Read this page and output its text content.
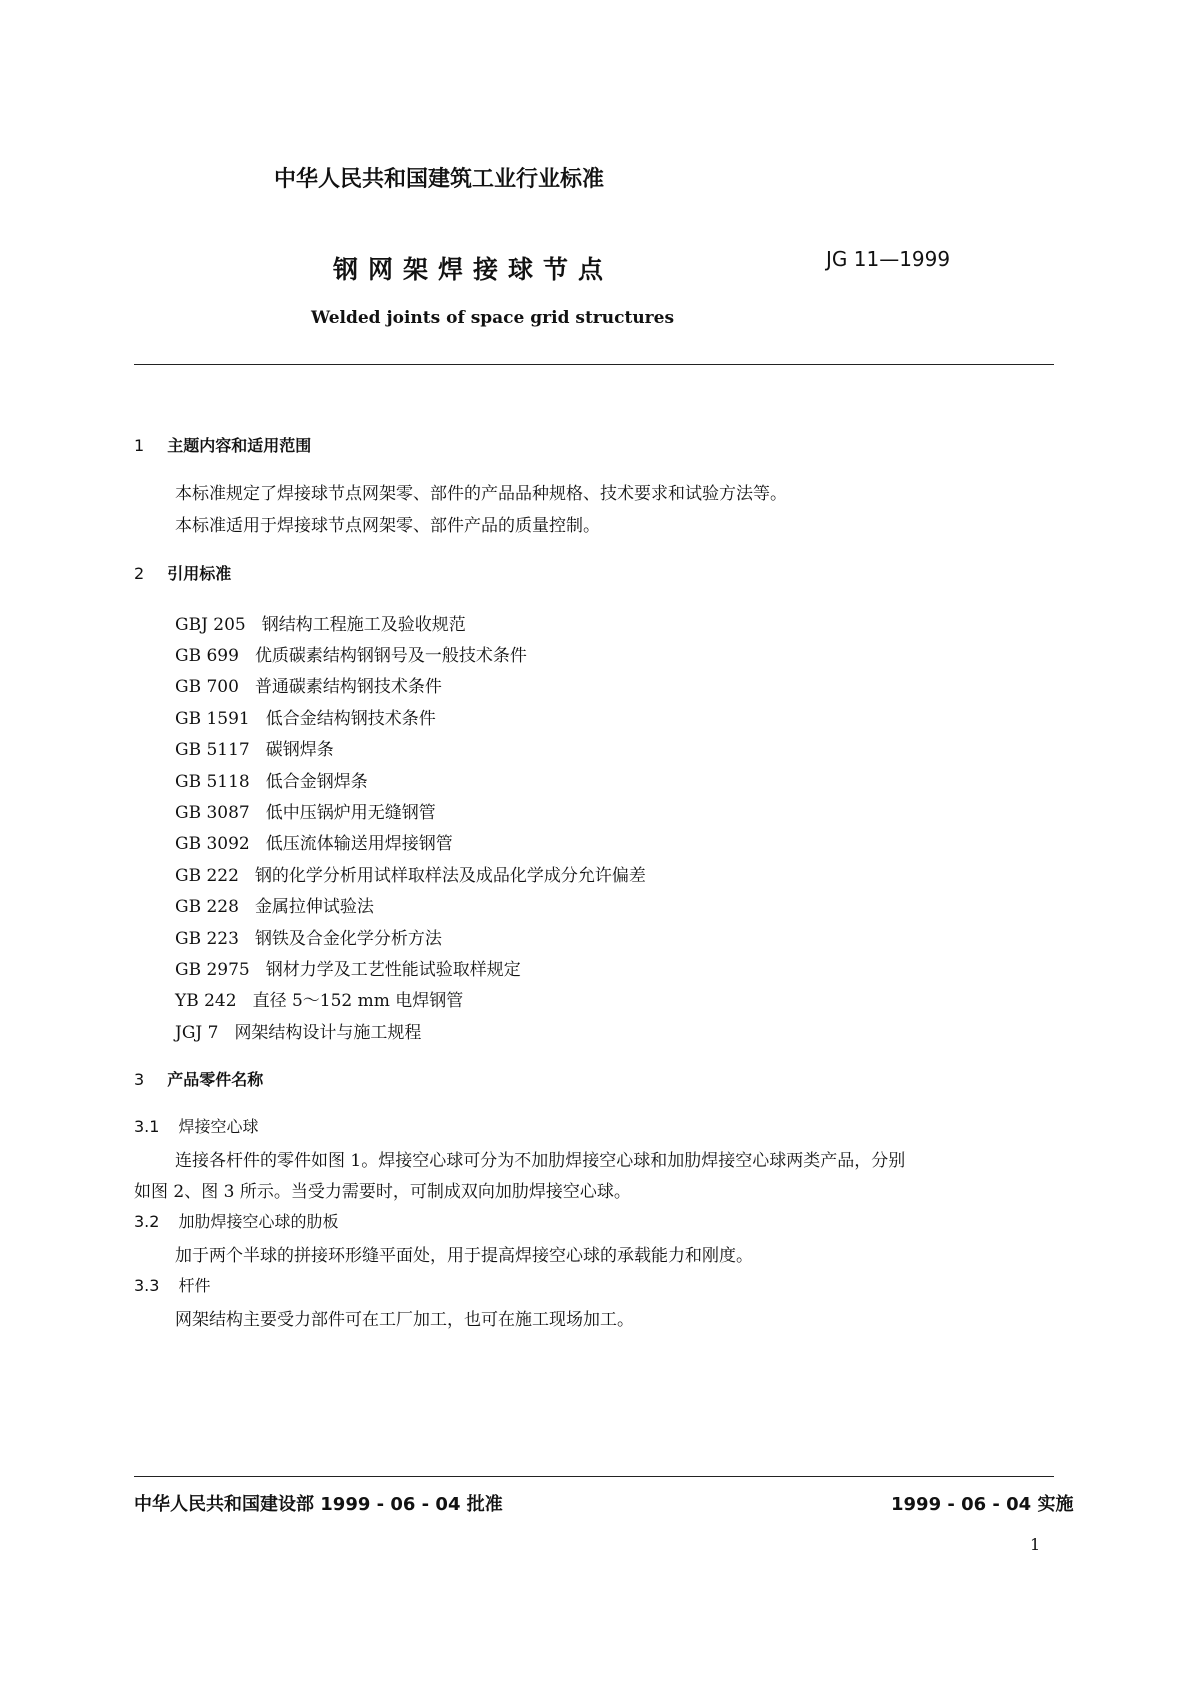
中华人民共和国建筑工业行业标准
钢网架焊接球节点	JG 11—1999
Welded joints of space grid structures
1 主题内容和适用范围
本标准规定了焊接球节点网架零、部件的产品品种规格、技术要求和试验方法等。
本标准适用于焊接球节点网架零、部件产品的质量控制。
2 引用标准
GBJ 205 钢结构工程施工及验收规范
GB 699 优质碳素结构钢钢号及一般技术条件
GB 700 普通碳素结构钢技术条件
GB 1591 低合金结构钢技术条件
GB 5117 碳钢焊条
GB 5118 低合金钢焊条
GB 3087 低中压锅炉用无缝钢管
GB 3092 低压流体输送用焊接钢管
GB 222 钢的化学分析用试样取样法及成品化学成分允许偏差
GB 228 金属拉伸试验法
GB 223 钢铁及合金化学分析方法
GB 2975 钢材力学及工艺性能试验取样规定
YB 242 直径 5～152 mm 电焊钢管
JGJ 7 网架结构设计与施工规程
3 产品零件名称
3.1 焊接空心球
连接各杆件的零件如图 1。焊接空心球可分为不加肋焊接空心球和加肋焊接空心球两类产品，分别
如图 2、图 3 所示。当受力需要时，可制成双向加肋焊接空心球。
3.2 加肋焊接空心球的肋板
加于两个半球的拼接环形缝平面处，用于提高焊接空心球的承载能力和刚度。
3.3 杆件
网架结构主要受力部件可在工厂加工，也可在施工现场加工。
中华人民共和国建设部 1999 - 06 - 04 批准	1999 - 06 - 04 实施
1
